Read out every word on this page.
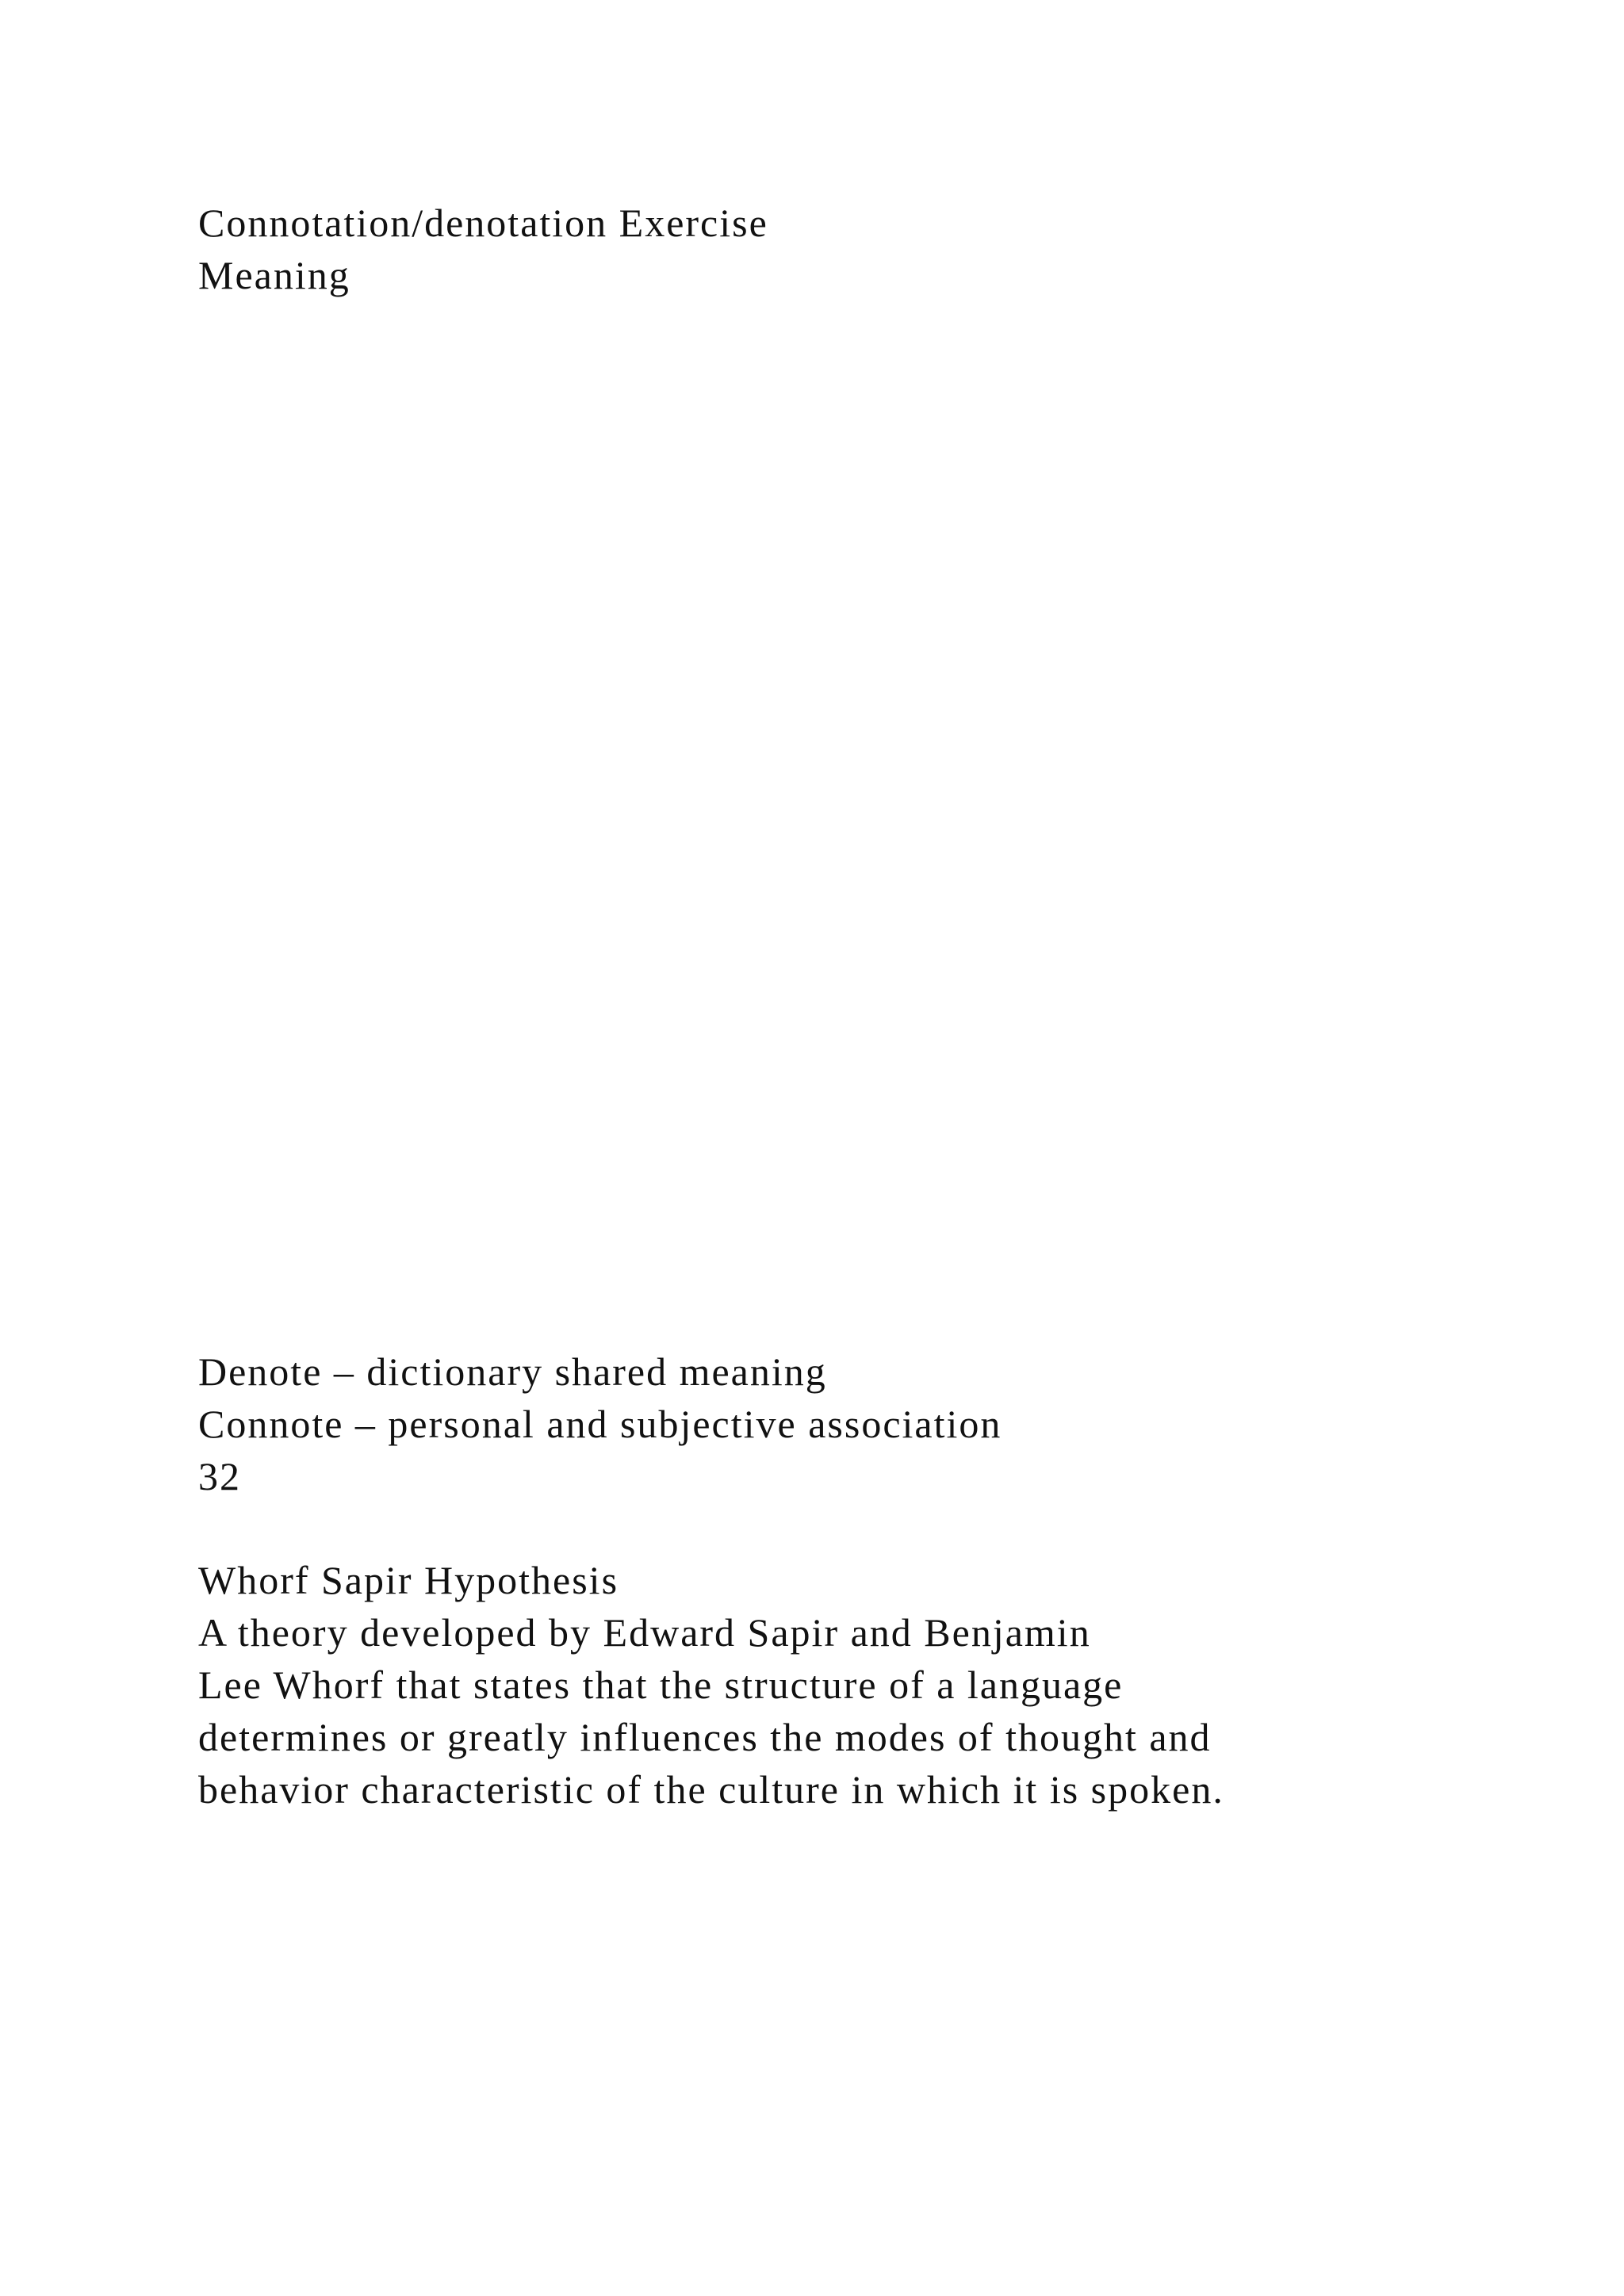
Connotation/denotation Exercise
Meaning
Denote – dictionary shared meaning
Connote – personal and subjective association
32
Whorf Sapir Hypothesis
A theory developed by Edward Sapir and Benjamin
Lee Whorf that states that the structure of a language
determines or greatly influences the modes of thought and
behavior characteristic of the culture in which it is spoken.
